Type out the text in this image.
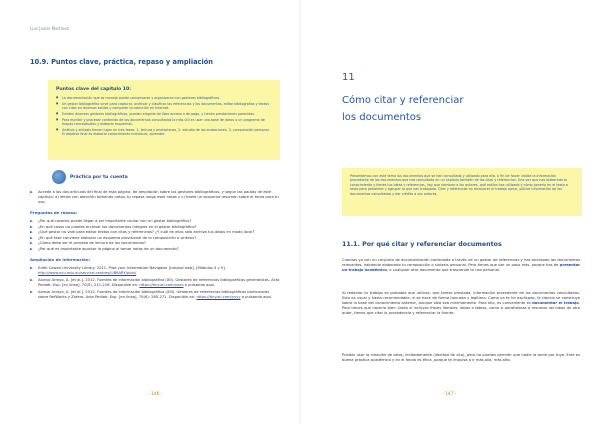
Luis Javier Martínez
10.9. Puntos clave, práctica, repaso y ampliación
Puntos clave del capítulo 10:
■ La documentación que se maneja puede conservarse y organizarse con gestores bibliográficos.
■ Un gestor bibliográfico sirve para capturar, archivar y clasificar las referencias y los documentos, editar bibliografías y textos con citas en diversos estilos y compartir la colección en Internet.
■ Existen diversos gestores bibliográficos, pueden elegirse de libre acceso o de pago, y tienen prestaciones parecidas.
■ Para escribir y procesar contenido de los documentos consultados lo más útil es usar una base de datos o un programa de mapas conceptuales y elaborar esquemas.
■ Análisis y síntesis tienen lugar en tres fases: 1. lectura y anotaciones, 2. estudio de las anotaciones, 3. composición personal. El objetivo final es elaborar conocimiento individual, aprender.
Práctica por tu cuenta
► Accede a los dos artículos del final de esta página, de ampliación sobre los gestores bibliográficos, y según las pautas de este capítulo: a) léelos con atención tomando notas, b) repasa luego esas notas y c) hazte un esquema resumen sobre el tema para tu uso.
Preguntas de repaso:
► ¿Por qué razones puede llegar a ser importante contar con un gestor bibliográfico?
► ¿En qué casos no puedes archivar los documentos íntegros en el gestor bibliográfico?
► ¿Qué gestor no vale para editar textos con citas y referencias? ¿Y cuál de ellos sólo archiva tus datos en modo local?
► ¿En qué fase conviene elaborar un esquema provisional de la composición o síntesis?
► ¿Cómo debe ser el proceso de lectura de los documentos?
► ¿Por qué es importante apuntar la página al tomar notas de un documento?
Ampliación de información:
► Edith Cowan University Library. 2011. Pilot your Information Navigator [tutorial web]. [Módulos 4 y 5]. http://www.ecu.edu.au/service-centres/LIBRARY/pilot/
► Alonso Arroyo, A. [et al.]. 2012. Fuentes de información bibliográfica (XII). Gestores de referencias bibliográficas generalistas. Acta Pediatr. Esp. [en línea], 70(5), 211-216. Disponible en: https://tinyurl.com/xxxx o pulsando aquí.
► Alonso Arroyo, A. [et al.]. 2012. Fuentes de información bibliográfica (XIII). Gestores de referencias bibliográficas particulares sobre RefWorks y Zotero. Acta Pediatr. Esp. [en línea], 70(6): 265-271. Disponible en: https://tinyurl.com/yyyy o pulsando aquí.
- 146 -
11
Cómo citar y referenciar
los documentos
Presentamos con este tema los documentos que se han consultado y utilizado para ello, a fin de hacer visible la información procedente de los documentos que has consultado en un capítulo también de las citas y referencias. Una vez que has elaborado tu conocimiento y tienes tus ideas y referencias, hay que nombrar a los autores, qué estilos has utilizado y cómo ponerlo en el texto o resto para presentar y agrupar lo que has trabajado. Citar y referenciar es reconocer el trabajo ajeno, utilizar información de los documentos consultados y dar crédito a sus autores.
11.1. Por qué citar y referenciar documentos
Cuentas ya con un conjunto de documentación controlada a través de un gestor de referencias y has analizado los documentos relevantes, habiendo elaborado tu composición o síntesis personal. Pero tienes que dar un paso más, porque has de presentar un trabajo académico, o cualquier otro documento que trasciende tu uso personal.
Al redactar tu trabajo es probable que utilices, que tomes prestada, información procedente de los documentos consultados. Esto es usual y hasta recomendable, si se hace de forma honrada y legítima. Como ya te he explicado, la ciencia se construye sobre la base del conocimiento anterior, aunque sólo sea mínimamente. Para ello, es conveniente es documentar el trabajo. Pero tienes que hacerlo bien: tanto si incluyes frases literales, datos o tablas, como si parafraseas o resumes las ideas de otro autor, tienes que citar la procedencia y referenciar la fuente.
Puedes usar la creación de otros, limitadamente (libertad de cita), pero no puedes permitir que nadie la tome por tuya. Este es buena práctica académica y en el fondo es ética, porque te impulsa a ir más allá, más alto.
- 147 -
